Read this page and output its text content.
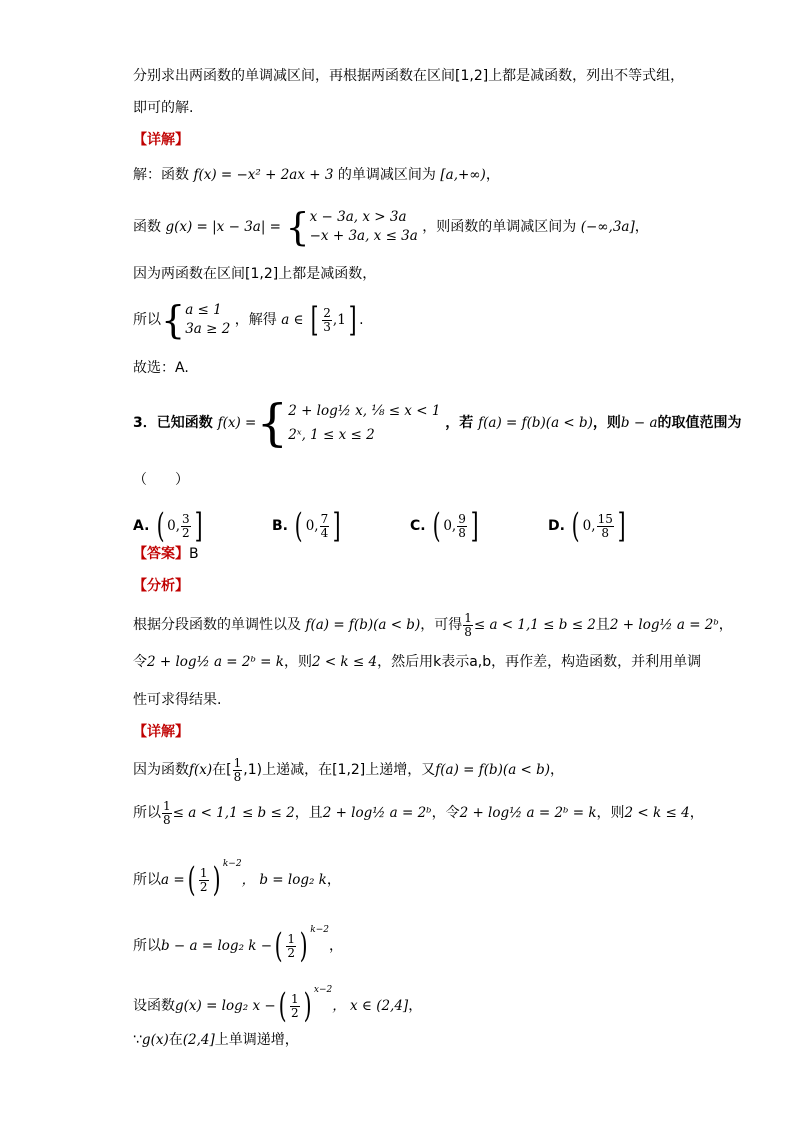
分别求出两函数的单调减区间，再根据两函数在区间[1,2]上都是减函数，列出不等式组，
即可的解.
【详解】
解：函数 f(x) = −x² + 2ax + 3 的单调减区间为 [a,+∞)，
函数 g(x) = |x − 3a| = { x − 3a, x > 3a
−x + 3a, x ≤ 3a
，则函数的单调减区间为 (−∞,3a]，
因为两函数在区间[1,2]上都是减函数，
所以{ a ≤ 1
3a ≥ 2
，解得 a ∈ [ $\frac{2}{3} ,1$] .
故选：A.
3．已知函数 f(x) ={ 2 + log½ x, ⅛ ≤ x < 1
2ˣ, 1 ≤ x ≤ 2
，若 f(a) = f(b)(a < b)，则b − a的取值范围为
（　　）
A. ( 0, $\frac{3}{2}$ ]	B. ( 0, $\frac{7}{4}$ ]	C. ( 0, $\frac{9}{8}$ ]	D. ( 0, $\frac{15}{8}$ ]
【答案】B
【分析】
根据分段函数的单调性以及 f(a) = f(b)(a < b)，可得 $\frac{1}{8} \le a < 1,1 \le b \le 2$且2 + log½ a = 2ᵇ，
令2 + log½ a = 2ᵇ = k，则2 < k ≤ 4，然后用k表示a,b，再作差，构造函数，并利用单调
性可求得结果.
【详解】
因为函数f(x)在[ $\frac{1}{8} ,1$)上递减，在[1,2]上递增，又f(a) = f(b)(a < b)，
所以 $\frac{1}{8} \le a < 1,1 \le b \le 2$，且2 + log½ a = 2ᵇ，令2 + log½ a = 2ᵇ = k，则2 < k ≤ 4，
所以a =( $\frac{1}{2}$ ) $^{k-2}$， b = log₂ k，
所以b − a = log₂ k −( $\frac{1}{2}$ ) $^{k-2}$，
设函数g(x) = log₂ x −( $\frac{1}{2}$ ) $^{x-2}$， x ∈ (2,4]，
∵g(x)在(2,4]上单调递增，
